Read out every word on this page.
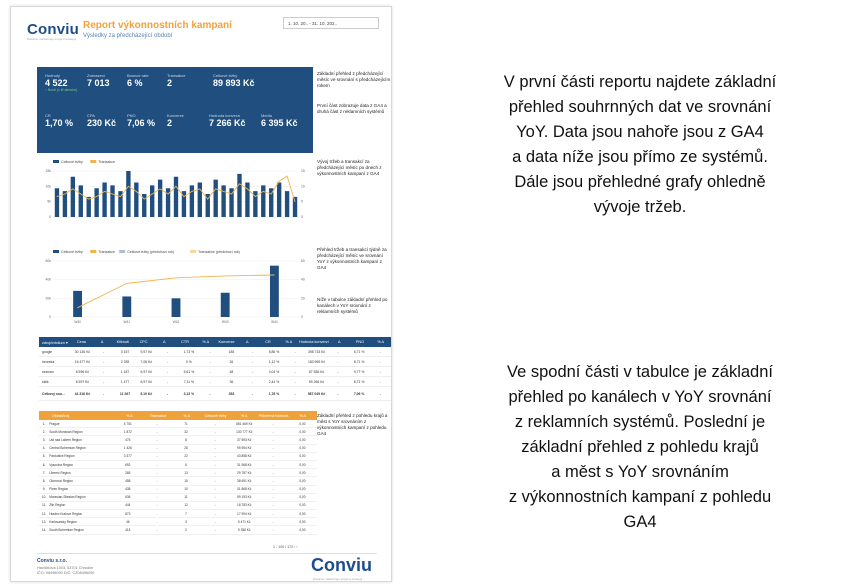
Conviu
Dáváme marketingu smysl a strategii
Report výkonnostních kampaní
Výsledky za předcházející období
1. 10. 20.. - 31. 10. 202..
Hodnoty
4 522
↑ Nově (v Ø denním)
Zobrazení
7 013
Bounce rate
6 %
Transakce
2
Celkové tržby
89 893 Kč
CR
1,70 %
CPA
230 Kč
PNO
7,06 %
Konverze
2
Hodnota konverzí
7 266 Kč
Media
6 395 Kč
Základní přehled z předcházející měsíc ve srovnání s předcházejícím rokem
První část zobrazuje data z GA4 a druhá část z reklamních systémů
Vývoj tržeb a transakcí za předcházející měsíc po dnech z výkonnostních kampaní z GA4
Přehled tržeb a transakcí týdně za předcházející měsíc ve srovnání YoY z výkonnostních kampaní z GA4
Níže v tabulce základní přehled po kanálech v YoY srovnání z reklamních systémů
Základní přehled z pohledu krajů a měst s YoY srovnáním z výkonnostních kampaní z pohledu GA4
Celkové tržby	Transakce
0
5k
10k
15k
0
5
10
15
Celkové tržby	Transakce	Celkové tržby (předchozí rok)	Transakce (předchozí rok)
0
20k
40k
60k
0
20
40
60
W40	W41	W42	W43	W44
zdroj/médium ▾	Cena	Δ	Kliknutí	CPC	Δ	CTR	% Δ	Konverze	Δ	CR	% Δ	Hodnota konverzí	Δ	PNO	% Δ
google	30 136 Kč	-	3 157	9,57 Kč	-	1,73 %	-	185	-	5,86 %	-	398 733 Kč	-	6,71 %	-
heureka	16 477 Kč	-	2 335	7,06 Kč	-	0 %	-	26	-	1,12 %	-	183 969 Kč	-	8,71 %	-
seznam	8 596 Kč	-	1 187	6,97 Kč	-	5,61 %	-	48	-	4,04 %	-	87 836 Kč	-	9,77 %	-
sklik	6 597 Kč	-	1 477	6,97 Kč	-	7,11 %	-	36	-	2,44 %	-	59 266 Kč	-	8,71 %	-
Celkový sou...	44 316 Kč	-	11 267	5,19 Kč	-	3,13 %	-	353	-	1,78 %	-	987 049 Kč	-	7,06 %	-
Oblast/kraj	% Δ	Transakce	% Δ	Celkové tržby	% Δ	Průměrná hodnota	% Δ
1.	Prague	4 751	-	71	-	681 469 Kč	-	0,00
2.	South Moravian Region	1 872	-	32	-	130 777 Kč	-	0,00
3.	Ust nad Labem Region	475	-	8	-	37 593 Kč	-	0,00
4.	Central Bohemian Region	1 426	-	28	-	95 954 Kč	-	0,00
5.	Pardubice Region	3 377	-	22	-	43 858 Kč	-	0,00
6.	Vysocina Region	692	-	6	-	31 968 Kč	-	0,00
7.	Liberec Region	265	-	13	-	29 787 Kč	-	0,00
8.	Olomouc Region	458	-	15	-	38 691 Kč	-	0,00
9.	Plzen Region	438	-	10	-	31 868 Kč	-	0,00
10. Moravian-Silesian Region	636	-	11	-	59 193 Kč	-	0,00
11. Zlin Region	444	-	12	-	18 783 Kč	-	0,00
12. Hradec Kralove Region	873	-	7	-	17 994 Kč	-	0,00
13. Karlovarsky Region	46	-	3	-	5 471 Kč	-	0,00
14. South Bohemian Region	414	-	2	-	9 358 Kč	-	0,00
1 - 100 / 172 ‹ ›
Conviu s.r.o.
Havlíčkova 1003, 53701 Chrudim
IČO: 08496090 DIČ: CZ08496090	Conviu
Dáváme marketingu smysl a strategii
V první části reportu najdete základní
přehled souhrnných dat ve srovnání
YoY. Data jsou nahoře jsou z GA4
a data níže jsou přímo ze systémů.
Dále jsou přehledné grafy ohledně
vývoje tržeb.
Ve spodní části v tabulce je základní
přehled po kanálech v YoY srovnání
z reklamních systémů. Poslední je
základní přehled z pohledu krajů
a měst s YoY srovnáním
z výkonnostních kampaní z pohledu
GA4
